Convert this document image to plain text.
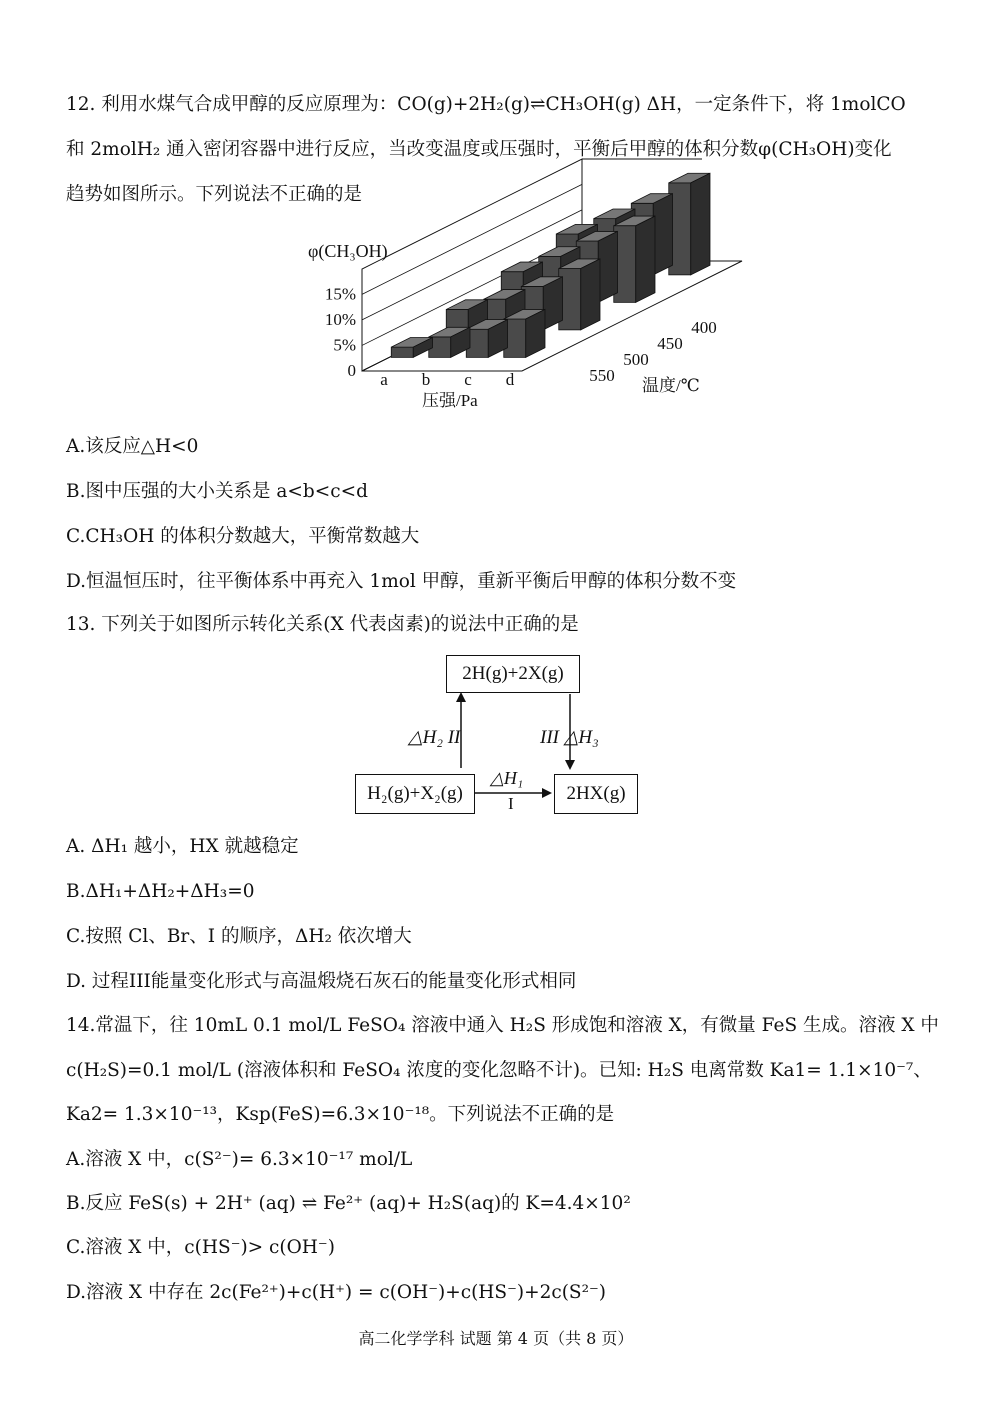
12. 利用水煤气合成甲醇的反应原理为：CO(g)+2H₂(g)⇌CH₃OH(g) ΔH，一定条件下，将 1molCO
和 2molH₂ 通入密闭容器中进行反应，当改变温度或压强时，平衡后甲醇的体积分数φ(CH₃OH)变化
趋势如图所示。下列说法不正确的是
0
5%
10%
15%
φ(CH₃OH)
a b c d
压强/Pa
550
500
450
400
温度/℃
A.该反应△H<0
B.图中压强的大小关系是 a<b<c<d
C.CH₃OH 的体积分数越大，平衡常数越大
D.恒温恒压时，往平衡体系中再充入 1mol 甲醇，重新平衡后甲醇的体积分数不变
13. 下列关于如图所示转化关系(X 代表卤素)的说法中正确的是
2H(g)+2X(g)
H₂(g)+X₂(g)	2HX(g)
△H₂ II	III △H₃
△H₁
I
A. ΔH₁ 越小，HX 就越稳定
B.ΔH₁+ΔH₂+ΔH₃=0
C.按照 Cl、Br、I 的顺序，ΔH₂ 依次增大
D. 过程III能量变化形式与高温煅烧石灰石的能量变化形式相同
14.常温下，往 10mL 0.1 mol/L FeSO₄ 溶液中通入 H₂S 形成饱和溶液 X，有微量 FeS 生成。溶液 X 中
c(H₂S)=0.1 mol/L (溶液体积和 FeSO₄ 浓度的变化忽略不计)。已知: H₂S 电离常数 Ka1= 1.1×10⁻⁷、
Ka2= 1.3×10⁻¹³，Ksp(FeS)=6.3×10⁻¹⁸。下列说法不正确的是
A.溶液 X 中，c(S²⁻)= 6.3×10⁻¹⁷ mol/L
B.反应 FeS(s) + 2H⁺ (aq) ⇌ Fe²⁺ (aq)+ H₂S(aq)的 K=4.4×10²
C.溶液 X 中，c(HS⁻)> c(OH⁻)
D.溶液 X 中存在 2c(Fe²⁺)+c(H⁺) = c(OH⁻)+c(HS⁻)+2c(S²⁻)
高二化学学科 试题 第 4 页（共 8 页）
